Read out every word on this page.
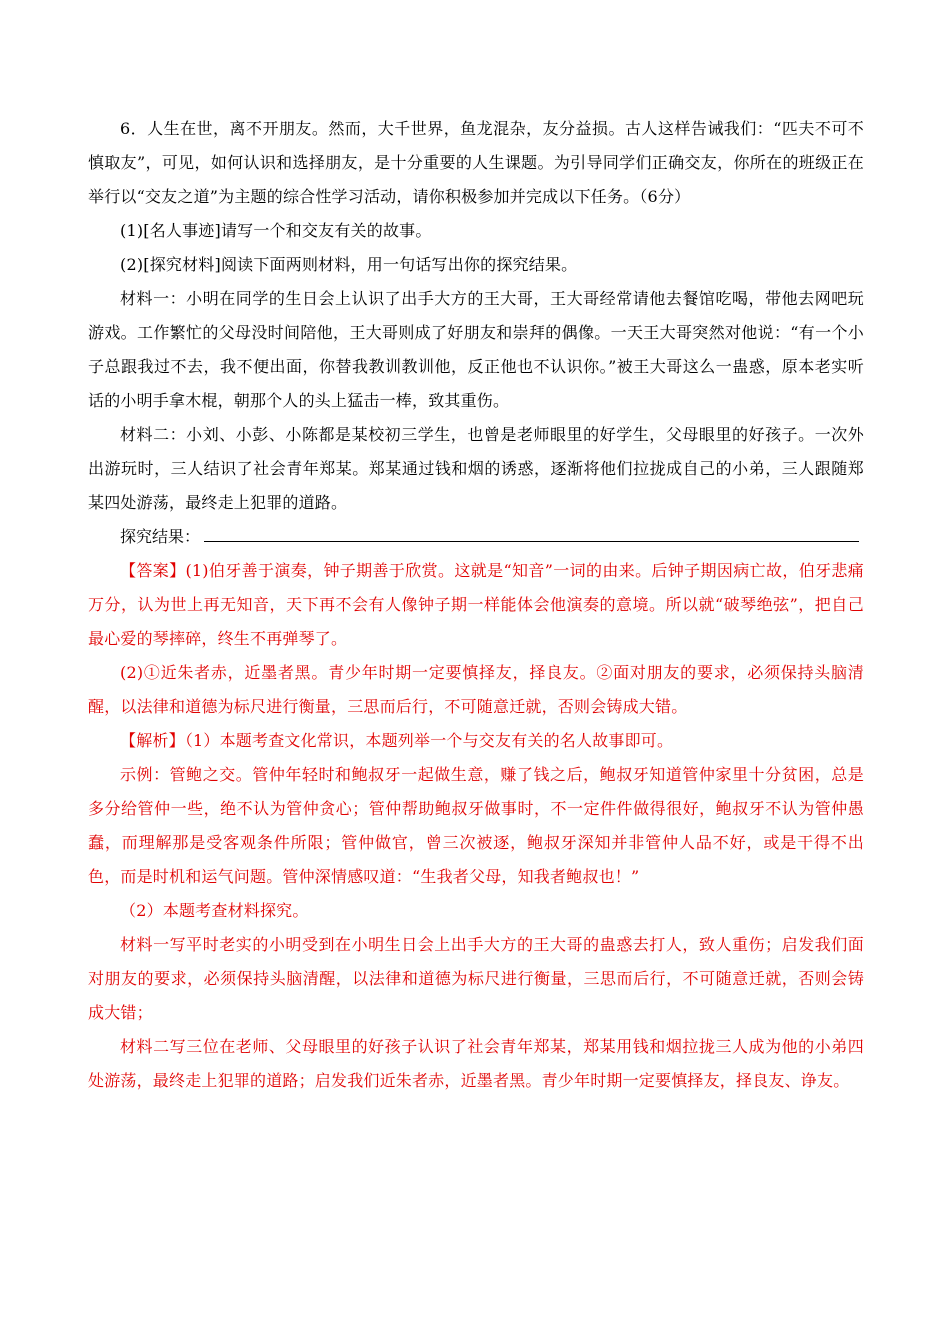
6．人生在世，离不开朋友。然而，大千世界，鱼龙混杂，友分益损。古人这样告诫我们：“匹夫不可不慎取友”，可见，如何认识和选择朋友，是十分重要的人生课题。为引导同学们正确交友，你所在的班级正在举行以“交友之道”为主题的综合性学习活动，请你积极参加并完成以下任务。（6分）

(1)[名人事迹]请写一个和交友有关的故事。

(2)[探究材料]阅读下面两则材料，用一句话写出你的探究结果。

材料一：小明在同学的生日会上认识了出手大方的王大哥，王大哥经常请他去餐馆吃喝，带他去网吧玩游戏。工作繁忙的父母没时间陪他，王大哥则成了好朋友和崇拜的偶像。一天王大哥突然对他说：“有一个小子总跟我过不去，我不便出面，你替我教训教训他，反正他也不认识你。”被王大哥这么一蛊惑，原本老实听话的小明手拿木棍，朝那个人的头上猛击一棒，致其重伤。

材料二：小刘、小彭、小陈都是某校初三学生，也曾是老师眼里的好学生，父母眼里的好孩子。一次外出游玩时，三人结识了社会青年郑某。郑某通过钱和烟的诱惑，逐渐将他们拉拢成自己的小弟，三人跟随郑某四处游荡，最终走上犯罪的道路。

探究结果：

【答案】(1)伯牙善于演奏，钟子期善于欣赏。这就是“知音”一词的由来。后钟子期因病亡故，伯牙悲痛万分，认为世上再无知音，天下再不会有人像钟子期一样能体会他演奏的意境。所以就“破琴绝弦”，把自己最心爱的琴摔碎，终生不再弹琴了。

(2)①近朱者赤，近墨者黑。青少年时期一定要慎择友，择良友。②面对朋友的要求，必须保持头脑清醒，以法律和道德为标尺进行衡量，三思而后行，不可随意迁就，否则会铸成大错。

【解析】（1）本题考查文化常识，本题列举一个与交友有关的名人故事即可。

示例：管鲍之交。管仲年轻时和鲍叔牙一起做生意，赚了钱之后，鲍叔牙知道管仲家里十分贫困，总是多分给管仲一些，绝不认为管仲贪心；管仲帮助鲍叔牙做事时，不一定件件做得很好，鲍叔牙不认为管仲愚蠢，而理解那是受客观条件所限；管仲做官，曾三次被逐，鲍叔牙深知并非管仲人品不好，或是干得不出色，而是时机和运气问题。管仲深情感叹道：“生我者父母，知我者鲍叔也！”

（2）本题考查材料探究。

材料一写平时老实的小明受到在小明生日会上出手大方的王大哥的蛊惑去打人，致人重伤；启发我们面对朋友的要求，必须保持头脑清醒，以法律和道德为标尺进行衡量，三思而后行，不可随意迁就，否则会铸成大错；

材料二写三位在老师、父母眼里的好孩子认识了社会青年郑某，郑某用钱和烟拉拢三人成为他的小弟四处游荡，最终走上犯罪的道路；启发我们近朱者赤，近墨者黑。青少年时期一定要慎择友，择良友、诤友。
